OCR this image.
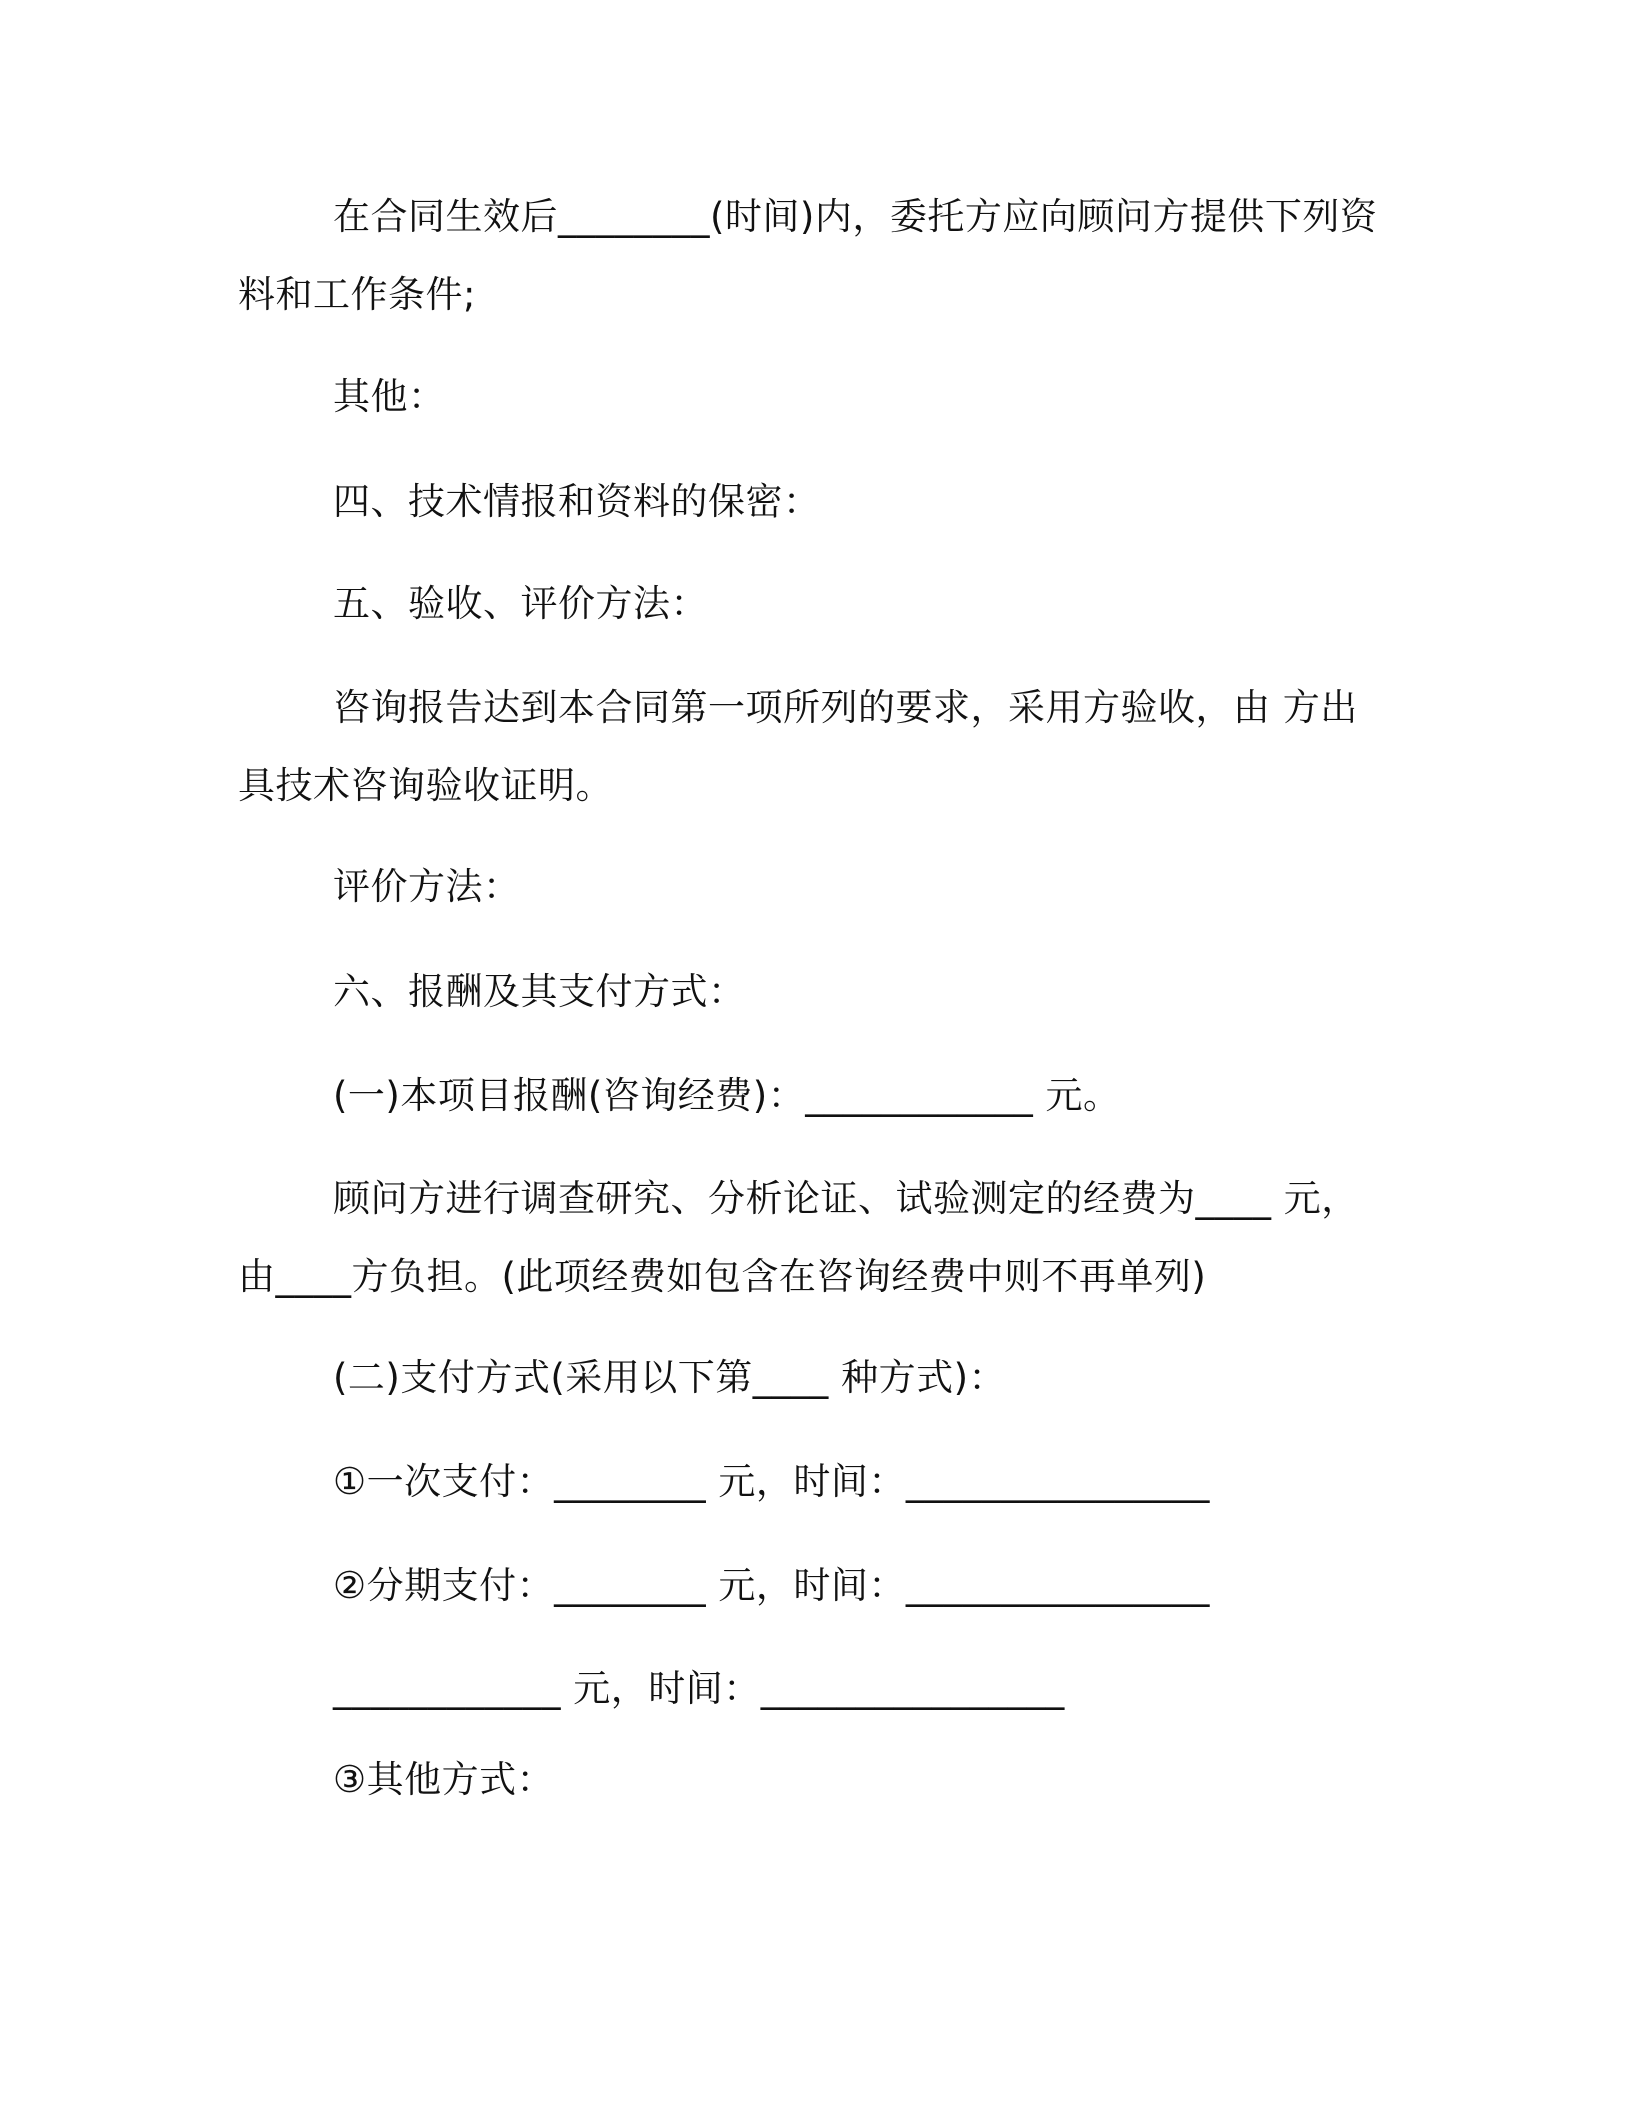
在合同生效后________(时间)内，委托方应向顾问方提供下列资料和工作条件;

其他：

四、技术情报和资料的保密：

五、验收、评价方法：

咨询报告达到本合同第一项所列的要求，采用方验收，由 方出具技术咨询验收证明。

评价方法：

六、报酬及其支付方式：

(一)本项目报酬(咨询经费)：____________ 元。

顾问方进行调查研究、分析论证、试验测定的经费为____ 元，由____方负担。(此项经费如包含在咨询经费中则不再单列)

(二)支付方式(采用以下第____ 种方式)：

①一次支付：________ 元，时间：________________

②分期支付：________ 元，时间：________________

____________ 元，时间：________________

③其他方式：
